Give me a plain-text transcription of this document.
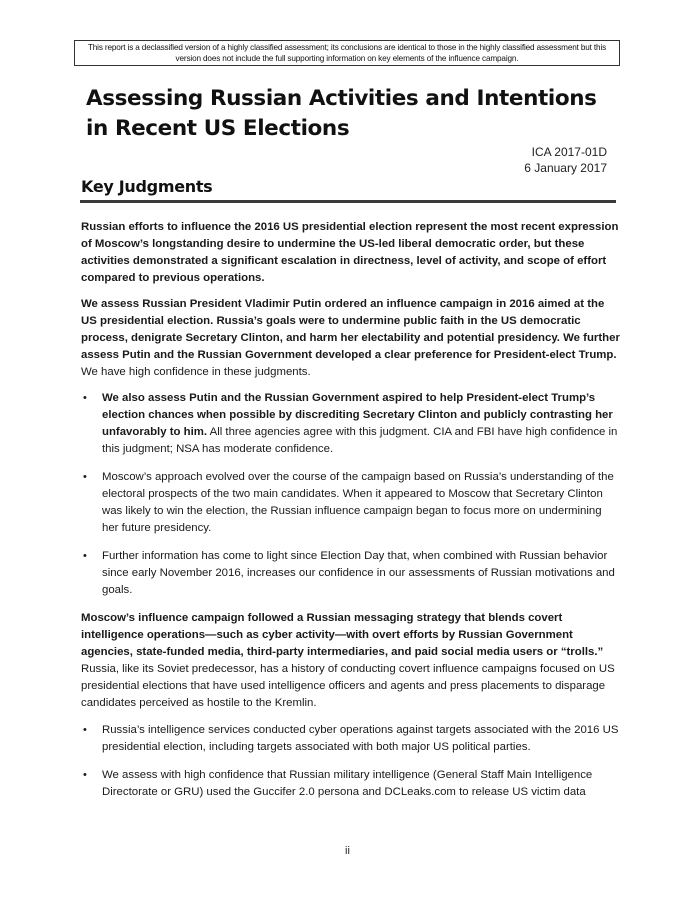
This report is a declassified version of a highly classified assessment; its conclusions are identical to those in the highly classified assessment but this version does not include the full supporting information on key elements of the influence campaign.
Assessing Russian Activities and Intentions in Recent US Elections
ICA 2017-01D
6 January 2017
Key Judgments

Russian efforts to influence the 2016 US presidential election represent the most recent expression of Moscow’s longstanding desire to undermine the US-led liberal democratic order, but these activities demonstrated a significant escalation in directness, level of activity, and scope of effort compared to previous operations.

We assess Russian President Vladimir Putin ordered an influence campaign in 2016 aimed at the US presidential election. Russia’s goals were to undermine public faith in the US democratic process, denigrate Secretary Clinton, and harm her electability and potential presidency. We further assess Putin and the Russian Government developed a clear preference for President-elect Trump. We have high confidence in these judgments.

• We also assess Putin and the Russian Government aspired to help President-elect Trump’s election chances when possible by discrediting Secretary Clinton and publicly contrasting her unfavorably to him. All three agencies agree with this judgment. CIA and FBI have high confidence in this judgment; NSA has moderate confidence.
• Moscow’s approach evolved over the course of the campaign based on Russia’s understanding of the electoral prospects of the two main candidates. When it appeared to Moscow that Secretary Clinton was likely to win the election, the Russian influence campaign began to focus more on undermining her future presidency.
• Further information has come to light since Election Day that, when combined with Russian behavior since early November 2016, increases our confidence in our assessments of Russian motivations and goals.

Moscow’s influence campaign followed a Russian messaging strategy that blends covert intelligence operations—such as cyber activity—with overt efforts by Russian Government agencies, state-funded media, third-party intermediaries, and paid social media users or “trolls.” Russia, like its Soviet predecessor, has a history of conducting covert influence campaigns focused on US presidential elections that have used intelligence officers and agents and press placements to disparage candidates perceived as hostile to the Kremlin.

• Russia’s intelligence services conducted cyber operations against targets associated with the 2016 US presidential election, including targets associated with both major US political parties.
• We assess with high confidence that Russian military intelligence (General Staff Main Intelligence Directorate or GRU) used the Guccifer 2.0 persona and DCLeaks.com to release US victim data
ii
